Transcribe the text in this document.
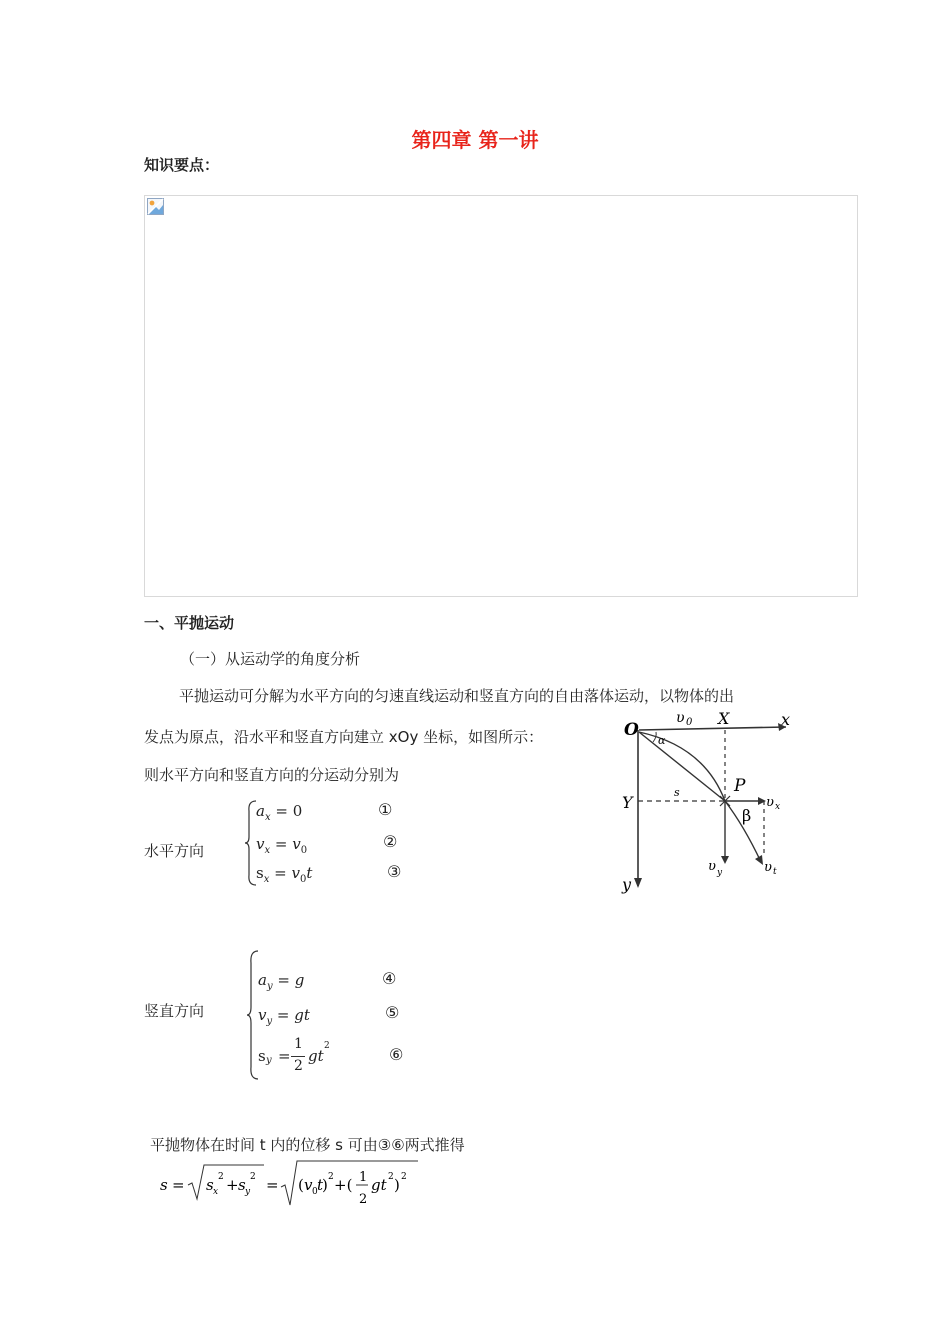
第四章 第一讲
知识要点：
一、平抛运动
（一）从运动学的角度分析
平抛运动可分解为水平方向的匀速直线运动和竖直方向的自由落体运动，以物体的出
发点为原点，沿水平和竖直方向建立 xOy 坐标，如图所示：
则水平方向和竖直方向的分运动分别为
O
υ 0 X	x
α
P
s
Y	υ x
β
υ y	υ t
y
水平方向
$a_x = 0$	①
$v_x = v_0$	②
$s_x = v_0t$	③
竖直方向
$a_y = g$	④
$v_y$ = gt	⑤
s y =
1
2
gt
2	⑥
平抛物体在时间 t 内的位移 s 可由③⑥两式推得
s = s x
2 + s y
2 = ( v 0 t
) 2 +( 1
2
gt 2 ) 2
